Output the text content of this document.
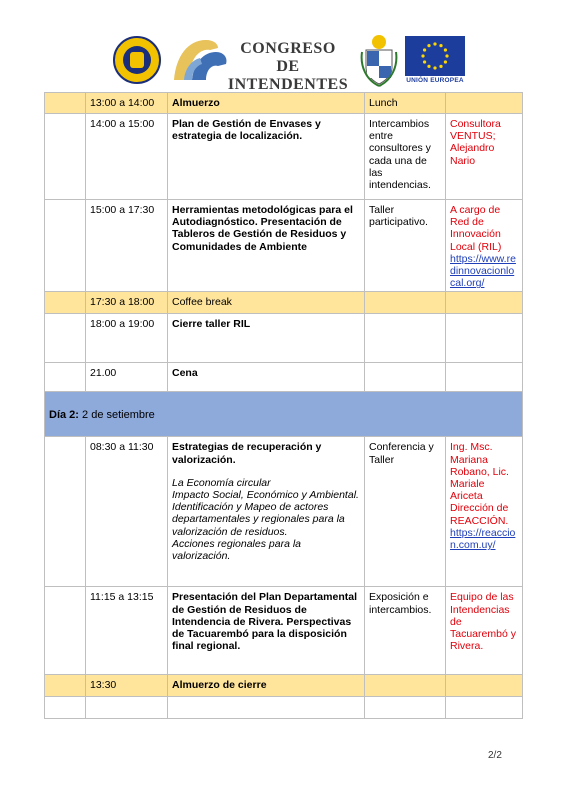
CONGRESO
DE INTENDENTES	UNIÓN EUROPEA
	13:00 a 14:00	Almuerzo	Lunch	
	14:00 a 15:00	Plan de Gestión de Envases y estrategia de localización.	Intercambios entre consultores y cada una de las intendencias.	Consultora VENTUS; Alejandro Nario
	15:00 a 17:30	Herramientas metodológicas para el Autodiagnóstico. Presentación de Tableros de Gestión de Residuos y Comunidades de Ambiente	Taller participativo.	A cargo de Red de Innovación Local (RIL)
https://www.redinnovacionlocal.org/
	17:30 a 18:00	Coffee break		
	18:00 a 19:00	Cierre taller RIL		
	21.00	Cena		
Día 2: 2 de setiembre				
	08:30 a 11:30	Estrategias de recuperación y valorización.
La Economía circular
Impacto Social, Económico y Ambiental.
Identificación y Mapeo de actores departamentales y regionales para la valorización de residuos.
Acciones regionales para la valorización.	Conferencia y Taller	Ing. Msc. Mariana Robano, Lic. Mariale Ariceta Dirección de REACCIÓN.
https://reaccion.com.uy/
	11:15 a 13:15	Presentación del Plan Departamental de Gestión de Residuos de Intendencia de Rivera. Perspectivas de Tacuarembó para la disposición final regional.	Exposición e intercambios.	Equipo de las Intendencias de Tacuarembó y Rivera.
	13:30	Almuerzo de cierre		

2/2
